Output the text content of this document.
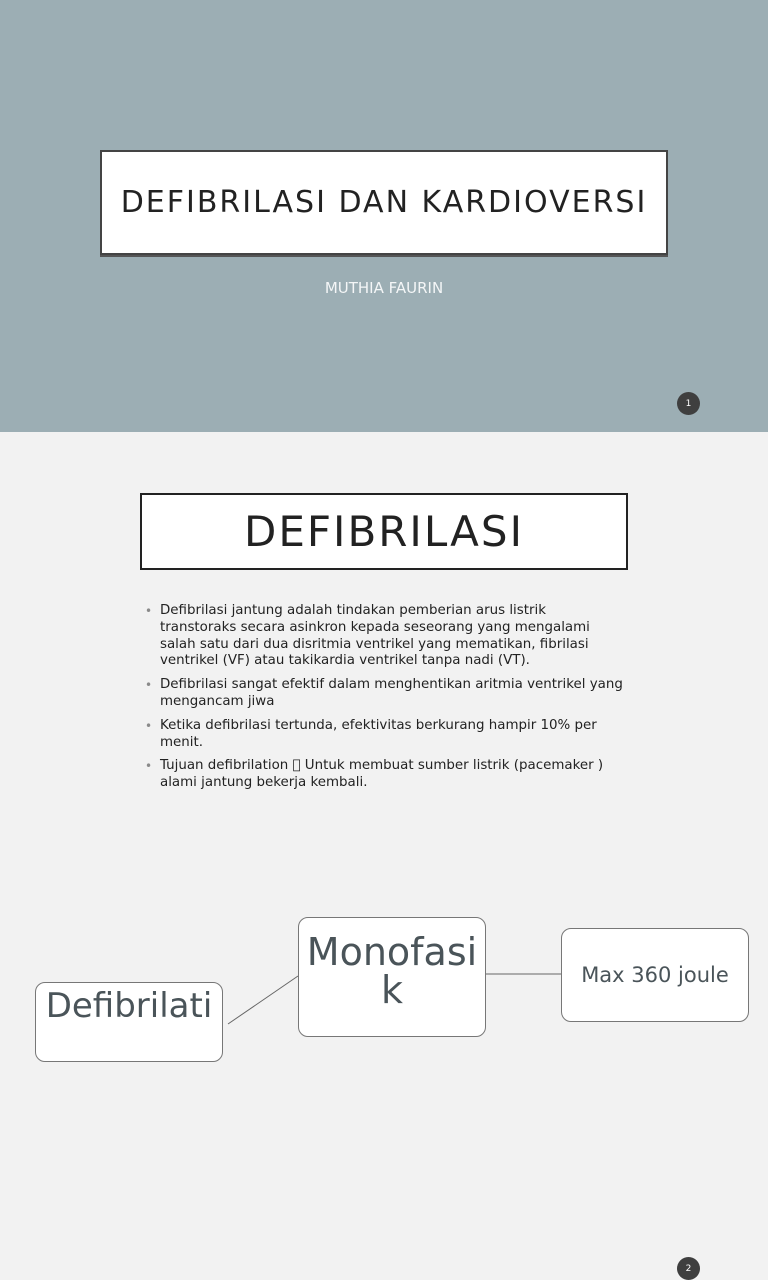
DEFIBRILASI DAN KARDIOVERSI
MUTHIA FAURIN
1
DEFIBRILASI
• Defibrilasi jantung adalah tindakan pemberian arus listrik transtoraks secara asinkron kepada seseorang yang mengalami salah satu dari dua disritmia ventrikel yang mematikan, fibrilasi ventrikel (VF) atau takikardia ventrikel tanpa nadi (VT).
• Defibrilasi sangat efektif dalam menghentikan aritmia ventrikel yang mengancam jiwa
• Ketika defibrilasi tertunda, efektivitas berkurang hampir 10% per menit.
• Tujuan defibrilation   Untuk membuat sumber listrik (pacemaker ) alami jantung bekerja kembali.
2
Monofasi
k	Max 360 joule
Defibrilati
